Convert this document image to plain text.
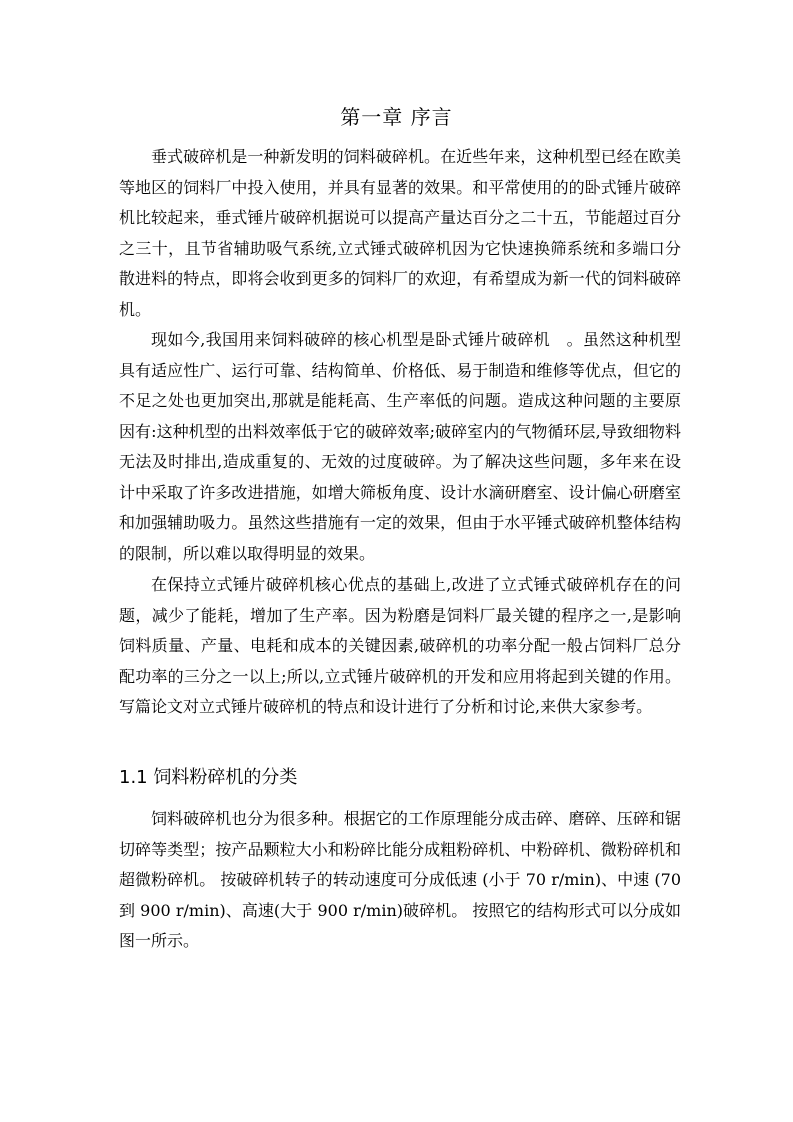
第一章 序言

垂式破碎机是一种新发明的饲料破碎机。在近些年来，这种机型已经在欧美等地区的饲料厂中投入使用，并具有显著的效果。和平常使用的的卧式锤片破碎机比较起来，垂式锤片破碎机据说可以提高产量达百分之二十五，节能超过百分之三十，且节省辅助吸气系统,立式锤式破碎机因为它快速换筛系统和多端口分散进料的特点，即将会收到更多的饲料厂的欢迎，有希望成为新一代的饲料破碎机。

现如今,我国用来饲料破碎的核心机型是卧式锤片破碎机　。虽然这种机型具有适应性广、运行可靠、结构简单、价格低、易于制造和维修等优点，但它的不足之处也更加突出,那就是能耗高、生产率低的问题。造成这种问题的主要原因有:这种机型的出料效率低于它的破碎效率;破碎室内的气物循环层,导致细物料无法及时排出,造成重复的、无效的过度破碎。为了解决这些问题，多年来在设计中采取了许多改进措施，如增大筛板角度、设计水滴研磨室、设计偏心研磨室和加强辅助吸力。虽然这些措施有一定的效果，但由于水平锤式破碎机整体结构的限制，所以难以取得明显的效果。

在保持立式锤片破碎机核心优点的基础上,改进了立式锤式破碎机存在的问题，减少了能耗，增加了生产率。因为粉磨是饲料厂最关键的程序之一,是影响饲料质量、产量、电耗和成本的关键因素,破碎机的功率分配一般占饲料厂总分配功率的三分之一以上;所以,立式锤片破碎机的开发和应用将起到关键的作用。写篇论文对立式锤片破碎机的特点和设计进行了分析和讨论,来供大家参考。

1.1 饲料粉碎机的分类

饲料破碎机也分为很多种。根据它的工作原理能分成击碎、磨碎、压碎和锯切碎等类型；按产品颗粒大小和粉碎比能分成粗粉碎机、中粉碎机、微粉碎机和超微粉碎机。 按破碎机转子的转动速度可分成低速 (小于 70 r/min)、中速 (70 到 900 r/min)、高速(大于 900 r/min)破碎机。 按照它的结构形式可以分成如图一所示。
